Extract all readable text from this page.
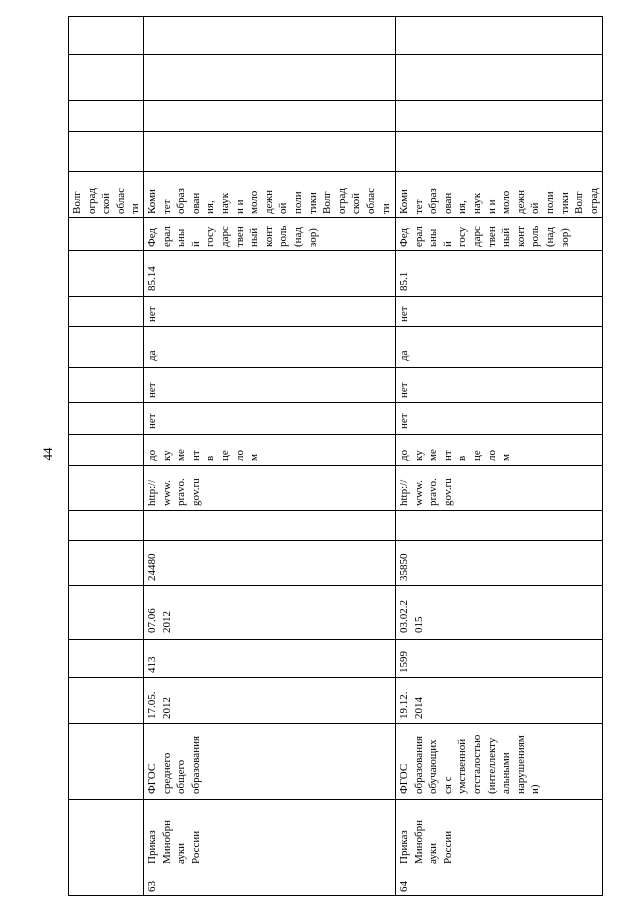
44
Волг
оград
ской
облас
ти
63
Приказ
Минобрн
ауки
России
ФГОС
среднего
общего
образования
17.05.
2012
413
07.06
2012
24480
http://
www.
pravo.
gov.ru
до
ку
ме
нт
в
це
ло
м
нет
нет
да
нет
85.14
Фед
ерал
ьны
й
госу
дарс
твен
ный
конт
роль
(над
зор)
Коми
тет
образ
ован
ия,
наук
и и
моло
дежн
ой
поли
тики
Волг
оград
ской
облас
ти
64
Приказ
Минобрн
ауки
России
ФГОС
образования
обучающих
ся с
умственной
отсталостью
(интеллекту
альными
нарушениям
и)
19.12.
2014
1599
03.02.2
015
35850
http://
www.
pravo.
gov.ru
до
ку
ме
нт
в
це
ло
м
нет
нет
да
нет
85.1
Фед
ерал
ьны
й
госу
дарс
твен
ный
конт
роль
(над
зор)
Коми
тет
образ
ован
ия,
наук
и и
моло
дежн
ой
поли
тики
Волг
оград
